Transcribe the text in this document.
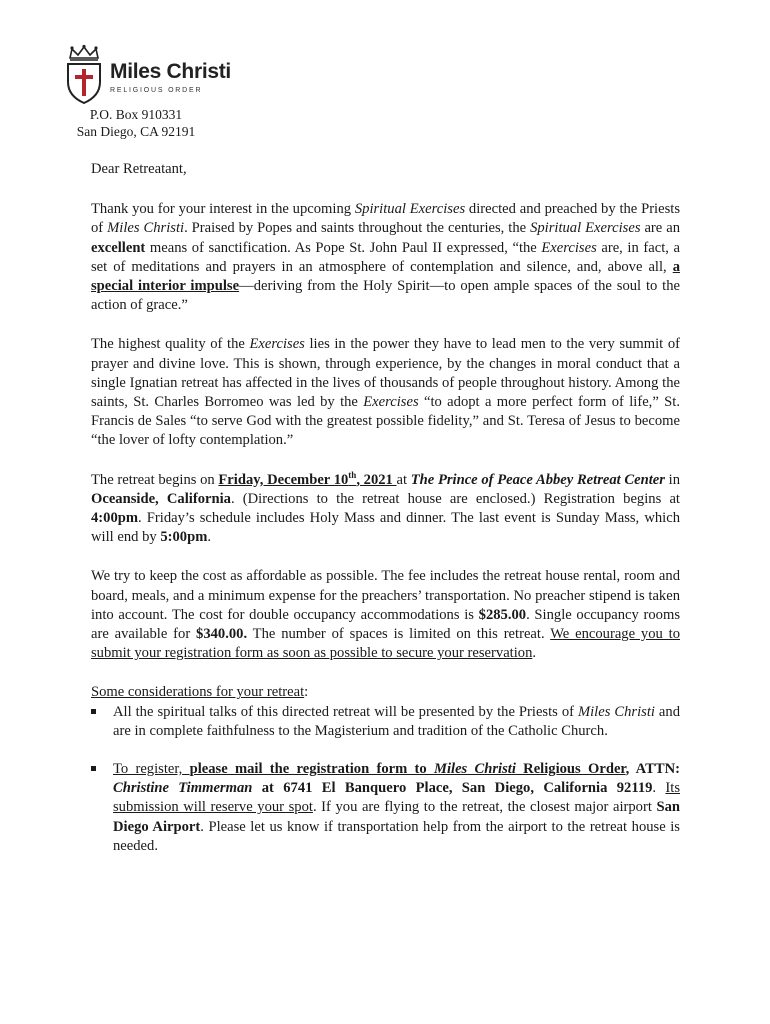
Miles Christi
RELIGIOUS ORDER
P.O. Box 910331
San Diego, CA 92191

Dear Retreatant,

Thank you for your interest in the upcoming Spiritual Exercises directed and preached by the Priests of Miles Christi. Praised by Popes and saints throughout the centuries, the Spiritual Exercises are an excellent means of sanctification. As Pope St. John Paul II expressed, “the Exercises are, in fact, a set of meditations and prayers in an atmosphere of contemplation and silence, and, above all, a special interior impulse—deriving from the Holy Spirit—to open ample spaces of the soul to the action of grace.”

The highest quality of the Exercises lies in the power they have to lead men to the very summit of prayer and divine love. This is shown, through experience, by the changes in moral conduct that a single Ignatian retreat has affected in the lives of thousands of people throughout history. Among the saints, St. Charles Borromeo was led by the Exercises “to adopt a more perfect form of life,” St. Francis de Sales “to serve God with the greatest possible fidelity,” and St. Teresa of Jesus to become “the lover of lofty contemplation.”

The retreat begins on Friday, December 10th, 2021 at The Prince of Peace Abbey Retreat Center in Oceanside, California. (Directions to the retreat house are enclosed.) Registration begins at 4:00pm. Friday’s schedule includes Holy Mass and dinner. The last event is Sunday Mass, which will end by 5:00pm.

We try to keep the cost as affordable as possible. The fee includes the retreat house rental, room and board, meals, and a minimum expense for the preachers’ transportation. No preacher stipend is taken into account. The cost for double occupancy accommodations is $285.00. Single occupancy rooms are available for $340.00. The number of spaces is limited on this retreat. We encourage you to submit your registration form as soon as possible to secure your reservation.

Some considerations for your retreat:

All the spiritual talks of this directed retreat will be presented by the Priests of Miles Christi and are in complete faithfulness to the Magisterium and tradition of the Catholic Church.
To register, please mail the registration form to Miles Christi Religious Order, ATTN: Christine Timmerman at 6741 El Banquero Place, San Diego, California 92119. Its submission will reserve your spot. If you are flying to the retreat, the closest major airport San Diego Airport. Please let us know if transportation help from the airport to the retreat house is needed.
